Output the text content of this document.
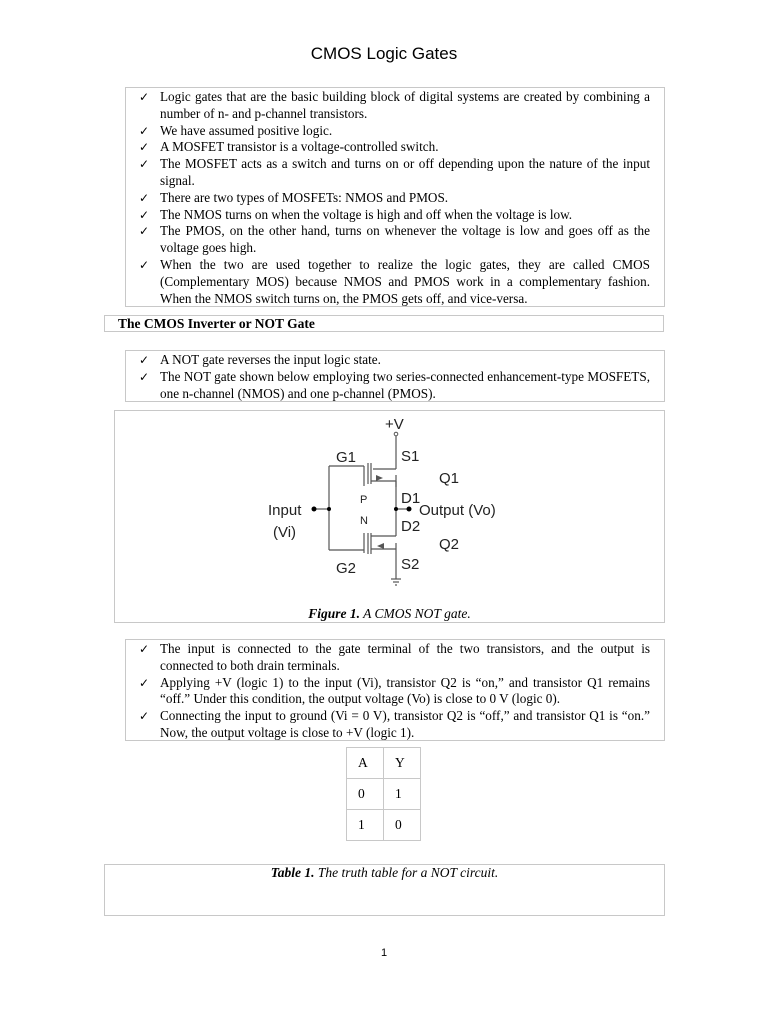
CMOS Logic Gates
✓ Logic gates that are the basic building block of digital systems are created by combining a number of n- and p-channel transistors.
✓ We have assumed positive logic.
✓ A MOSFET transistor is a voltage-controlled switch.
✓ The MOSFET acts as a switch and turns on or off depending upon the nature of the input signal.
✓ There are two types of MOSFETs: NMOS and PMOS.
✓ The NMOS turns on when the voltage is high and off when the voltage is low.
✓ The PMOS, on the other hand, turns on whenever the voltage is low and goes off as the voltage goes high.
✓ When the two are used together to realize the logic gates, they are called CMOS (Complementary MOS) because NMOS and PMOS work in a complementary fashion. When the NMOS switch turns on, the PMOS gets off, and vice-versa.
The CMOS Inverter or NOT Gate
✓ A NOT gate reverses the input logic state.
✓ The NOT gate shown below employing two series-connected enhancement-type MOSFETS, one n-channel (NMOS) and one p-channel (PMOS).
+V
G1	S1
Q1
D1
P
N
Input
(Vi)
Output (Vo)
D2
Q2
G2	S2
Figure 1. A CMOS NOT gate.
✓ The input is connected to the gate terminal of the two transistors, and the output is connected to both drain terminals.
✓ Applying +V (logic 1) to the input (Vi), transistor Q2 is “on,” and transistor Q1 remains “off.” Under this condition, the output voltage (Vo) is close to 0 V (logic 0).
✓ Connecting the input to ground (Vi = 0 V), transistor Q2 is “off,” and transistor Q1 is “on.” Now, the output voltage is close to +V (logic 1).
A	Y
0	1
1	0
Table 1. The truth table for a NOT circuit.
1
